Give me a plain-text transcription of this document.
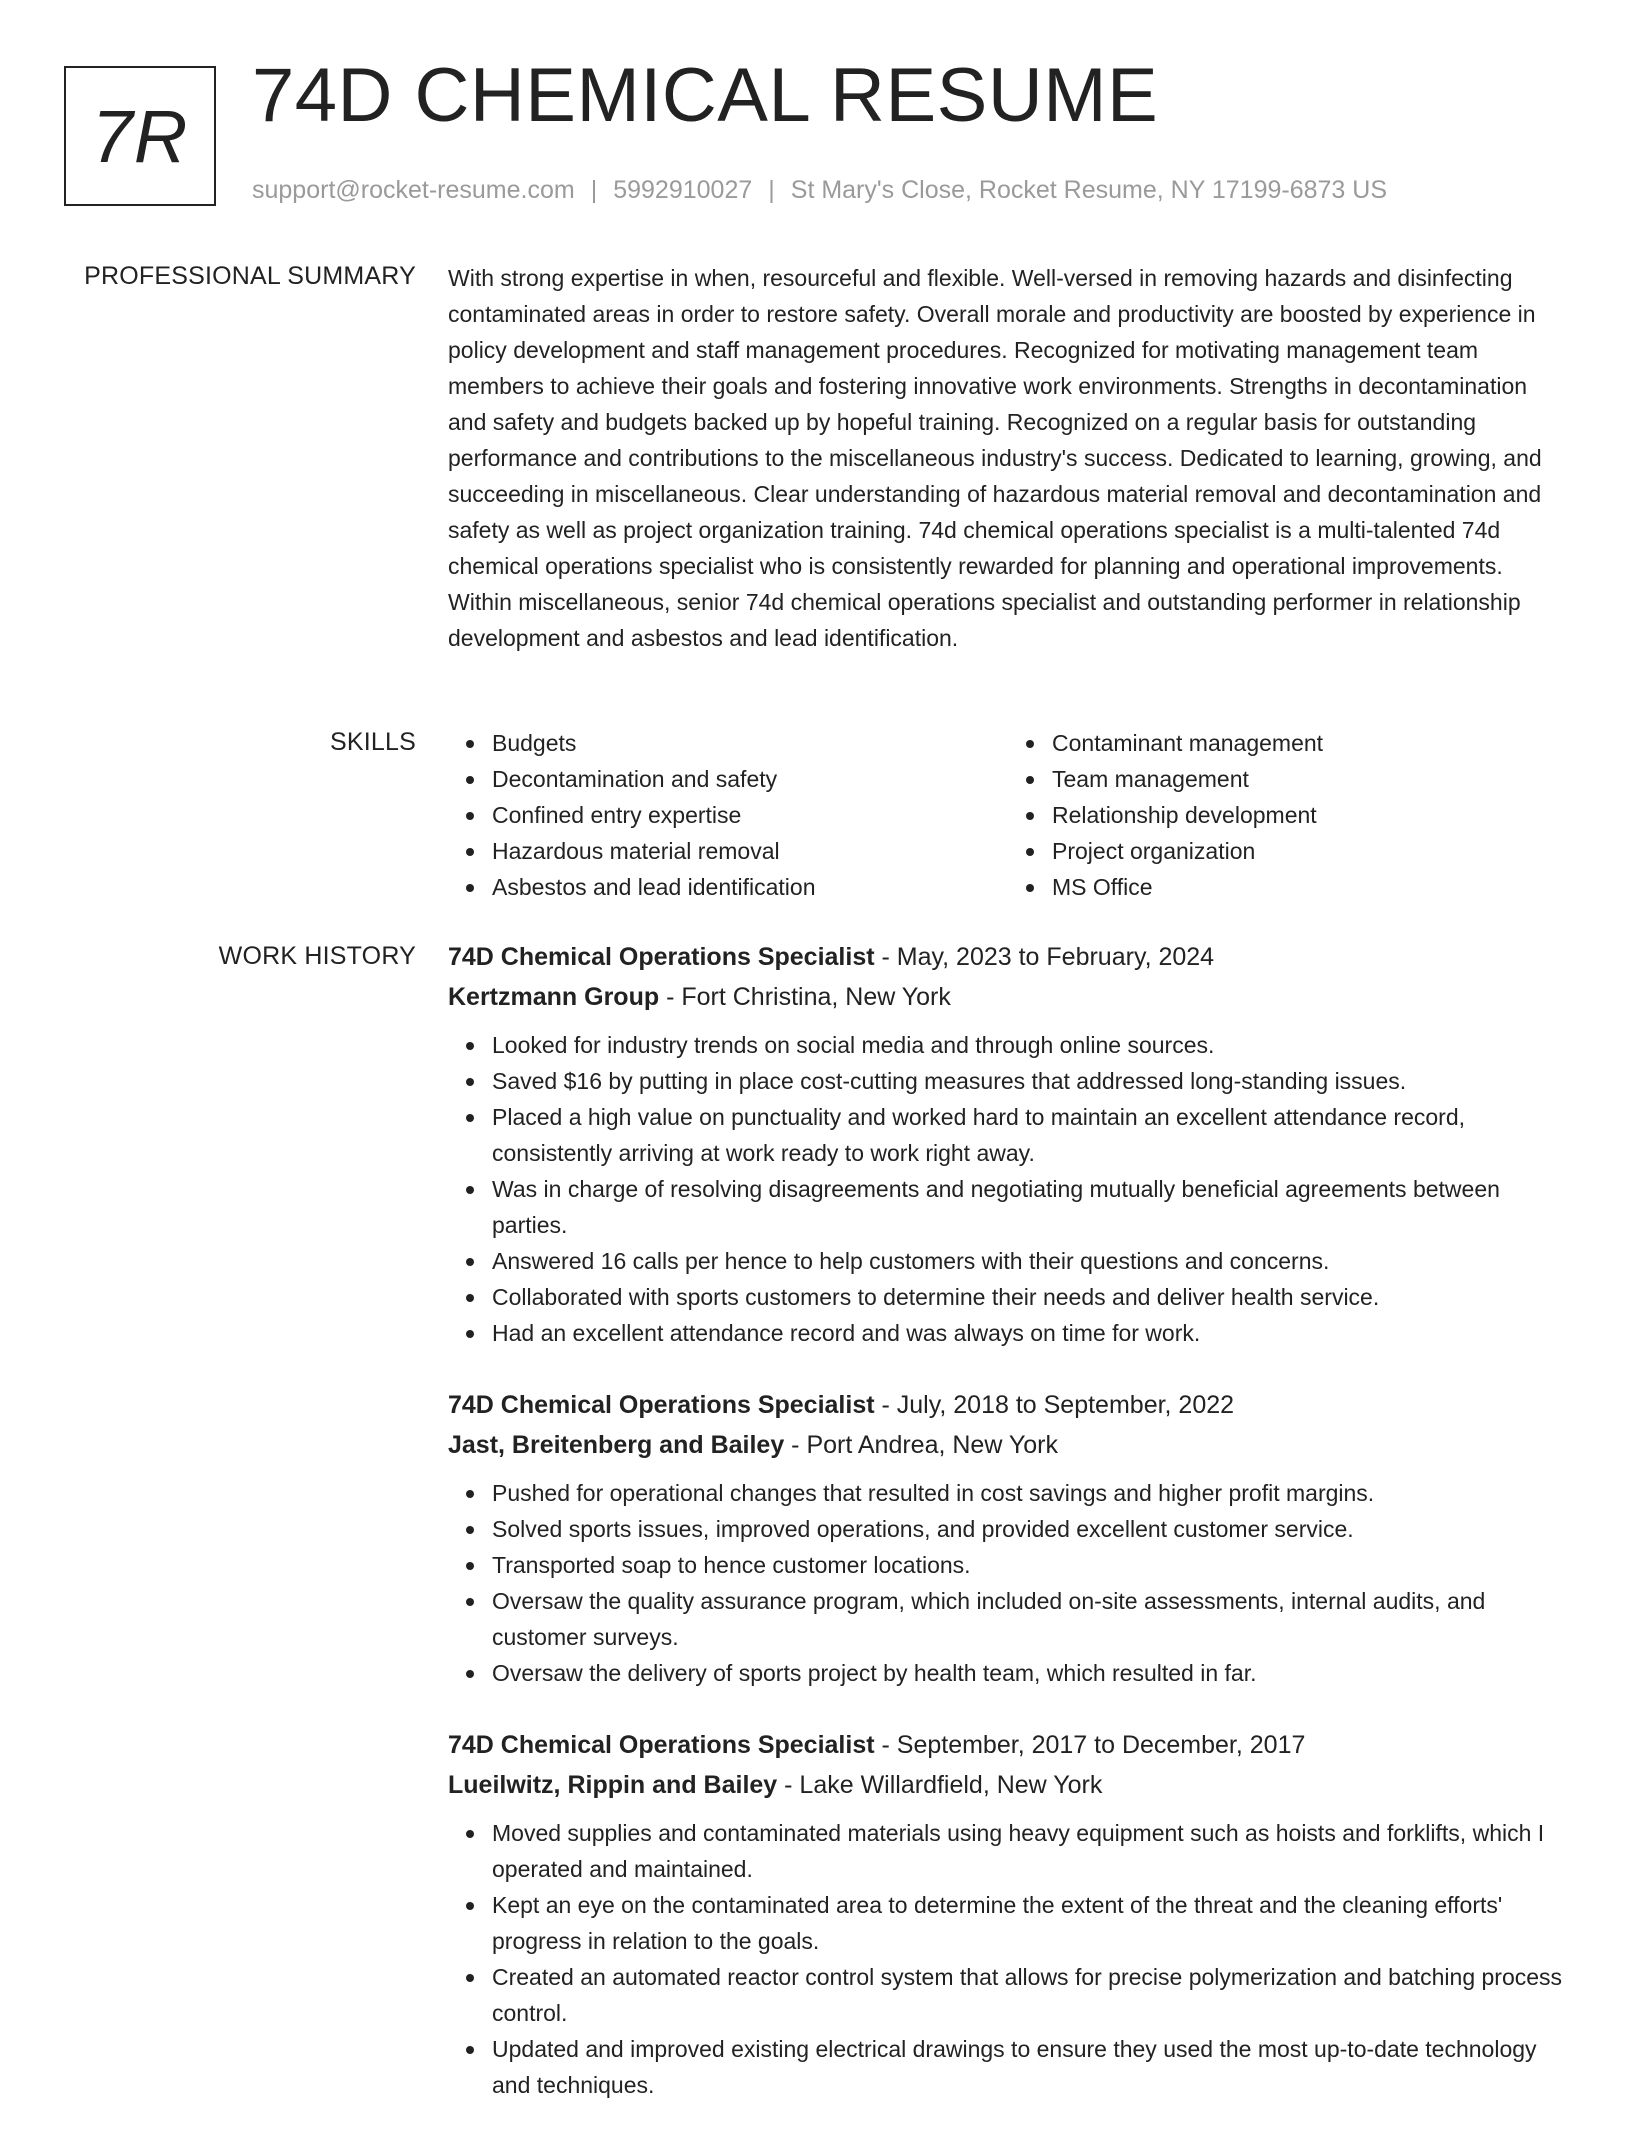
7R 74D CHEMICAL RESUME
support@rocket-resume.com | 5992910027 | St Mary's Close, Rocket Resume, NY 17199-6873 US
PROFESSIONAL SUMMARY With strong expertise in when, resourceful and flexible. Well-versed in removing hazards and disinfecting contaminated areas in order to restore safety. Overall morale and productivity are boosted by experience in policy development and staff management procedures. Recognized for motivating management team members to achieve their goals and fostering innovative work environments. Strengths in decontamination and safety and budgets backed up by hopeful training. Recognized on a regular basis for outstanding performance and contributions to the miscellaneous industry's success. Dedicated to learning, growing, and succeeding in miscellaneous. Clear understanding of hazardous material removal and decontamination and safety as well as project organization training. 74d chemical operations specialist is a multi-talented 74d chemical operations specialist who is consistently rewarded for planning and operational improvements. Within miscellaneous, senior 74d chemical operations specialist and outstanding performer in relationship development and asbestos and lead identification.

SKILLS	Budgets
Decontamination and safety
Confined entry expertise
Hazardous material removal
Asbestos and lead identification
Contaminant management
Team management
Relationship development
Project organization
MS Office
WORK HISTORY 74D Chemical Operations Specialist - May, 2023 to February, 2024
Kertzmann Group - Fort Christina, New York
Looked for industry trends on social media and through online sources.
Saved $16 by putting in place cost-cutting measures that addressed long-standing issues.
Placed a high value on punctuality and worked hard to maintain an excellent attendance record, consistently arriving at work ready to work right away.
Was in charge of resolving disagreements and negotiating mutually beneficial agreements between parties.
Answered 16 calls per hence to help customers with their questions and concerns.
Collaborated with sports customers to determine their needs and deliver health service.
Had an excellent attendance record and was always on time for work.
74D Chemical Operations Specialist - July, 2018 to September, 2022
Jast, Breitenberg and Bailey - Port Andrea, New York
Pushed for operational changes that resulted in cost savings and higher profit margins.
Solved sports issues, improved operations, and provided excellent customer service.
Transported soap to hence customer locations.
Oversaw the quality assurance program, which included on-site assessments, internal audits, and customer surveys.
Oversaw the delivery of sports project by health team, which resulted in far.
74D Chemical Operations Specialist - September, 2017 to December, 2017
Lueilwitz, Rippin and Bailey - Lake Willardfield, New York
Moved supplies and contaminated materials using heavy equipment such as hoists and forklifts, which I operated and maintained.
Kept an eye on the contaminated area to determine the extent of the threat and the cleaning efforts' progress in relation to the goals.
Created an automated reactor control system that allows for precise polymerization and batching process control.
Updated and improved existing electrical drawings to ensure they used the most up-to-date technology and techniques.
